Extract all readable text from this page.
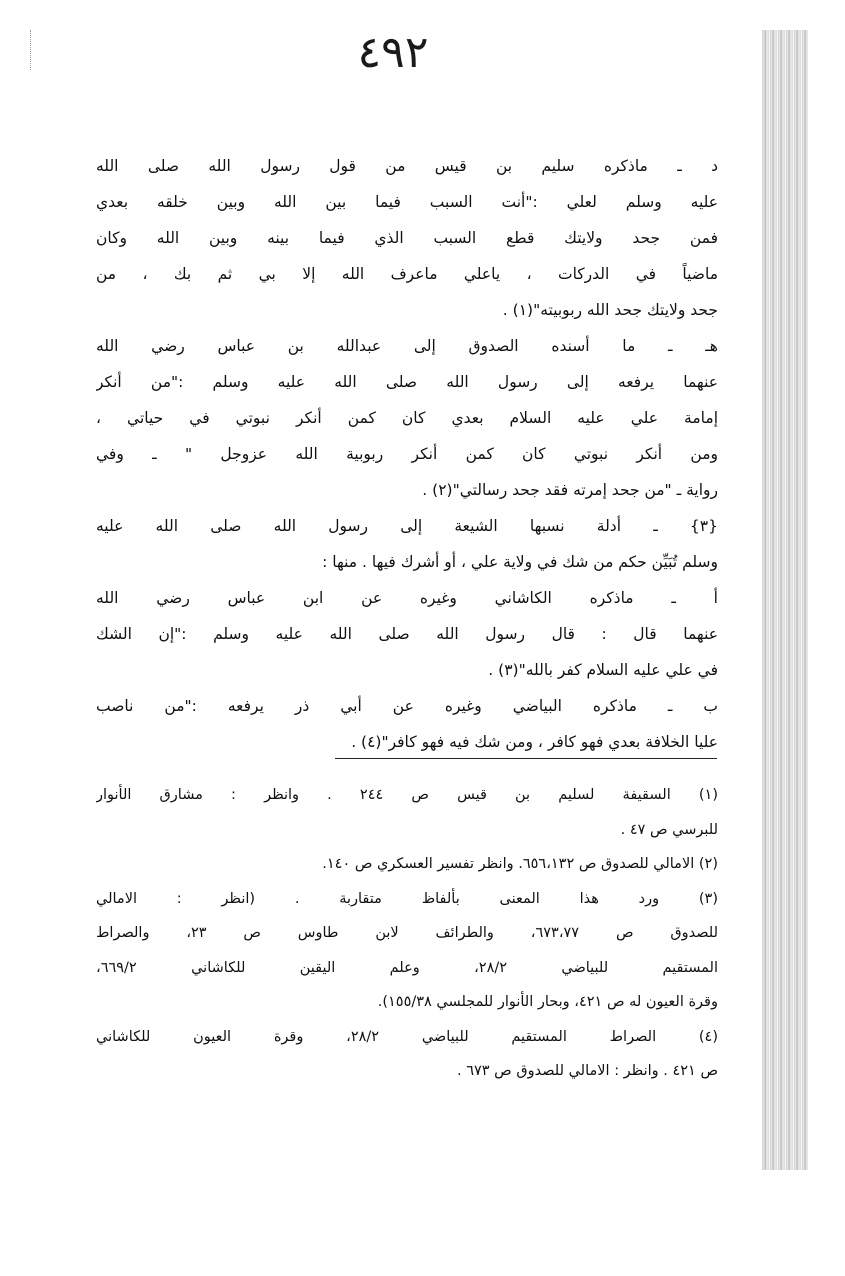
٤٩٢
د ـ ماذكره سليم بن قيس من قول رسول الله صلى الله
عليه وسلم لعلي :"أنت السبب فيما بين الله وبين خلقه بعدي
فمن جحد ولايتك قطع السبب الذي فيما بينه وبين الله وكان
ماضياً في الدركات ، ياعلي ماعرف الله إلا بي ثم بك ، من
جحد ولايتك جحد الله ربوبيته"(١) .
هـ ـ ما أسنده الصدوق إلى عبدالله بن عباس رضي الله
عنهما يرفعه إلى رسول الله صلى الله عليه وسلم :"من أنكر
إمامة علي عليه السلام بعدي كان كمن أنكر نبوتي في حياتي ،
ومن أنكر نبوتي كان كمن أنكر ربوبية الله عزوجل " ـ وفي
رواية ـ "من جحد إمرته فقد جحد رسالتي"(٢) .
{٣} ـ أدلة نسبها الشيعة إلى رسول الله صلى الله عليه
وسلم تُبَيِّن حكم من شك في ولاية علي ، أو أشرك فيها . منها :
أ ـ ماذكره الكاشاني وغيره عن ابن عباس رضي الله
عنهما قال : قال رسول الله صلى الله عليه وسلم :"إن الشك
في علي عليه السلام كفر بالله"(٣) .
ب ـ ماذكره البياضي وغيره عن أبي ذر يرفعه :"من ناصب
عليا الخلافة بعدي فهو كافر ، ومن شك فيه فهو كافر"(٤) .
(١) السقيفة لسليم بن قيس ص ٢٤٤ . وانظر : مشارق الأنوار
للبرسي ص ٤٧ .
(٢) الامالي للصدوق ص ٦٥٦،١٣٢. وانظر تفسير العسكري ص ١٤٠.
(٣) ورد هذا المعنى بألفاظ متقاربة . (انظر : الامالي
للصدوق ص ٦٧٣،٧٧، والطرائف لابن طاوس ص ٢٣، والصراط
المستقيم للبياضي ٢٨/٢، وعلم اليقين للكاشاني ٦٦٩/٢،
وقرة العيون له ص ٤٢١، وبحار الأنوار للمجلسي ١٥٥/٣٨).
(٤) الصراط المستقيم للبياضي ٢٨/٢، وقرة العيون للكاشاني
ص ٤٢١ . وانظر : الامالي للصدوق ص ٦٧٣ .
